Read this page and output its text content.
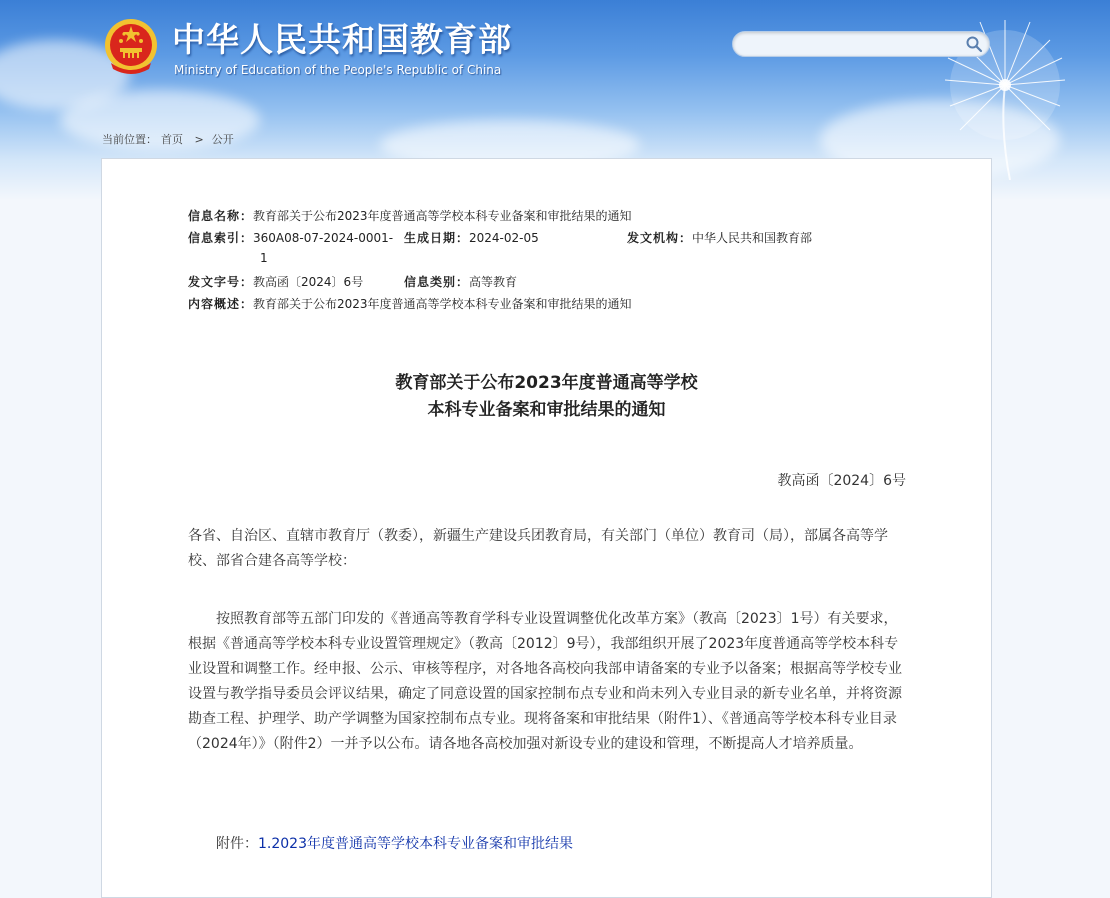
中华人民共和国教育部
Ministry of Education of the People's Republic of China
当前位置： 首页 > 公开
信息名称：教育部关于公布2023年度普通高等学校本科专业备案和审批结果的通知
信息索引：360A08-07-2024-0001-
1
生成日期：2024-02-05	发文机构：中华人民共和国教育部
发文字号：教高函〔2024〕6号	信息类别：高等教育
内容概述：教育部关于公布2023年度普通高等学校本科专业备案和审批结果的通知
教育部关于公布2023年度普通高等学校
本科专业备案和审批结果的通知
教高函〔2024〕6号
各省、自治区、直辖市教育厅（教委），新疆生产建设兵团教育局，有关部门（单位）教育司（局），部属各高等学校、部省合建各高等学校：
按照教育部等五部门印发的《普通高等教育学科专业设置调整优化改革方案》（教高〔2023〕1号）有关要求，根据《普通高等学校本科专业设置管理规定》（教高〔2012〕9号），我部组织开展了2023年度普通高等学校本科专业设置和调整工作。经申报、公示、审核等程序，对各地各高校向我部申请备案的专业予以备案；根据高等学校专业设置与教学指导委员会评议结果，确定了同意设置的国家控制布点专业和尚未列入专业目录的新专业名单，并将资源勘查工程、护理学、助产学调整为国家控制布点专业。现将备案和审批结果（附件1）、《普通高等学校本科专业目录（2024年）》（附件2）一并予以公布。请各地各高校加强对新设专业的建设和管理，不断提高人才培养质量。
附件：1.2023年度普通高等学校本科专业备案和审批结果
